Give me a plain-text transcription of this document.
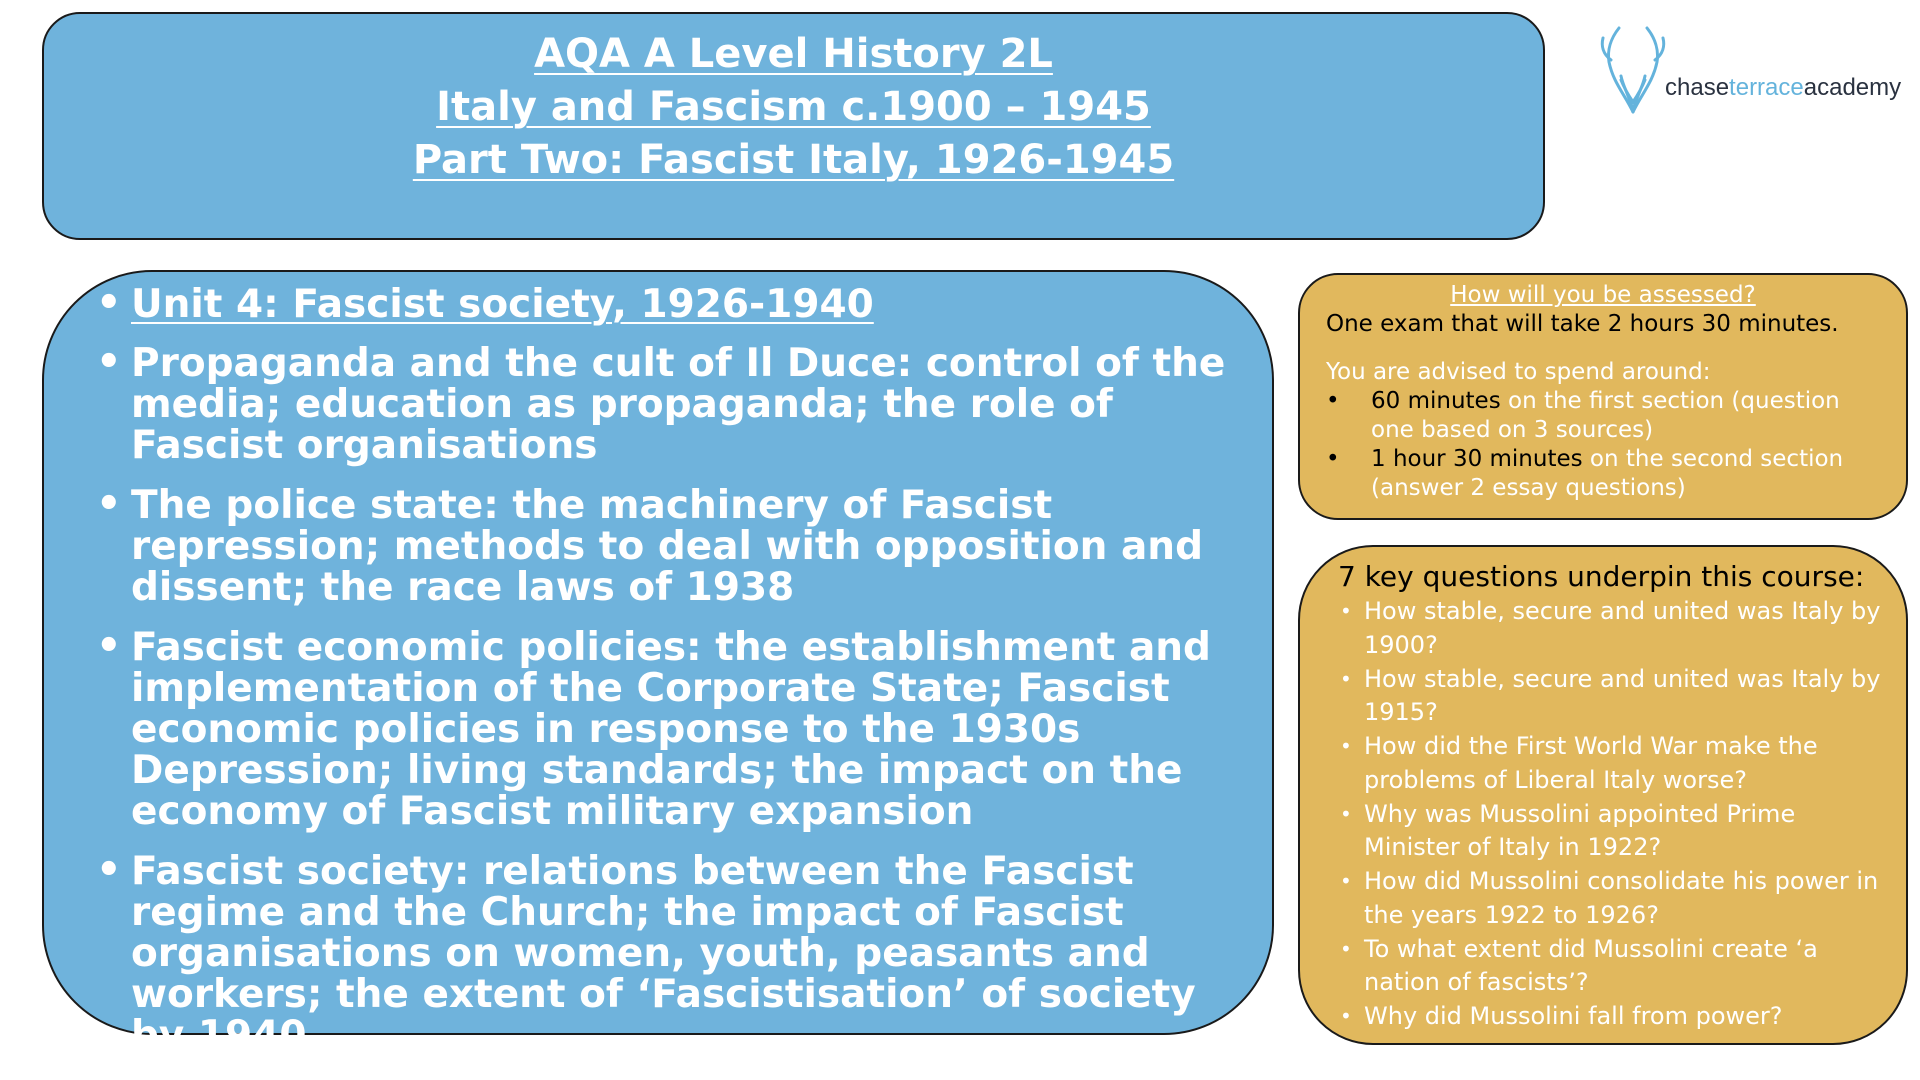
AQA A Level History 2L
Italy and Fascism c.1900 – 1945
Part Two: Fascist Italy, 1926-1945
chaseterraceacademy
• Unit 4: Fascist society, 1926-1940
• Propaganda and the cult of Il Duce: control of the media; education as propaganda; the role of Fascist organisations
• The police state: the machinery of Fascist repression; methods to deal with opposition and dissent; the race laws of 1938
• Fascist economic policies: the establishment and implementation of the Corporate State; Fascist economic policies in response to the 1930s Depression; living standards; the impact on the economy of Fascist military expansion
• Fascist society: relations between the Fascist regime and the Church; the impact of Fascist organisations on women, youth, peasants and workers; the extent of ‘Fascistisation’ of society by 1940
How will you be assessed?
One exam that will take 2 hours 30 minutes.
You are advised to spend around:
• 60 minutes on the first section (question one based on 3 sources)
• 1 hour 30 minutes on the second section (answer 2 essay questions)
7 key questions underpin this course:
• How stable, secure and united was Italy by 1900?
• How stable, secure and united was Italy by 1915?
• How did the First World War make the problems of Liberal Italy worse?
• Why was Mussolini appointed Prime Minister of Italy in 1922?
• How did Mussolini consolidate his power in the years 1922 to 1926?
• To what extent did Mussolini create ‘a nation of fascists’?
• Why did Mussolini fall from power?
